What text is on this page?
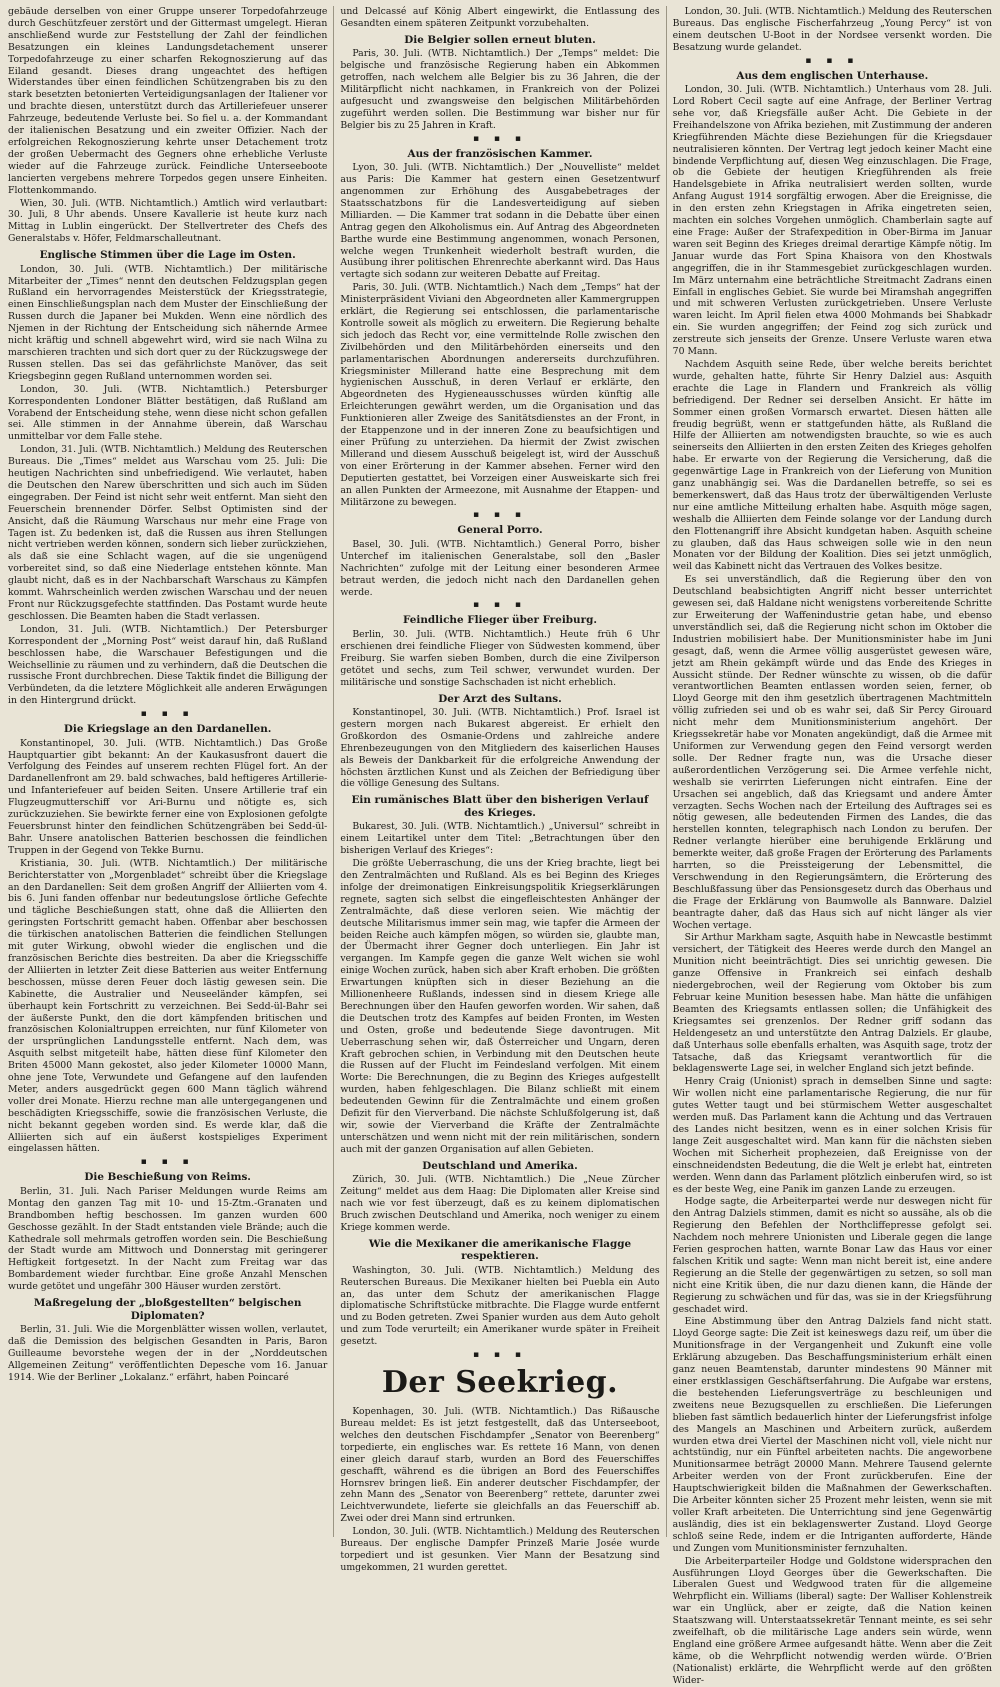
gebäude derselben von einer Gruppe unserer Torpedofahrzeuge durch Geschützfeuer zerstört und der Gittermast umgelegt. Hieran anschließend wurde zur Feststellung der Zahl der feindlichen Besatzungen ein kleines Landungsdetachement unserer Torpedofahrzeuge zu einer scharfen Rekognoszierung auf das Eiland gesandt. Dieses drang ungeachtet des heftigen Widerstandes über einen feindlichen Schützengraben bis zu den stark besetzten betonierten Verteidigungsanlagen der Italiener vor und brachte diesen, unterstützt durch das Artilleriefeuer unserer Fahrzeuge, bedeutende Verluste bei. So fiel u. a. der Kommandant der italienischen Besatzung und ein zweiter Offizier. Nach der erfolgreichen Rekognoszierung kehrte unser Detachement trotz der großen Uebermacht des Gegners ohne erhebliche Verluste wieder auf die Fahrzeuge zurück. Feindliche Unterseeboote lancierten vergebens mehrere Torpedos gegen unsere Einheiten. Flottenkommando.

Wien, 30. Juli. (WTB. Nichtamtlich.) Amtlich wird verlautbart: 30. Juli, 8 Uhr abends. Unsere Kavallerie ist heute kurz nach Mittag in Lublin eingerückt. Der Stellvertreter des Chefs des Generalstabs v. Höfer, Feldmarschalleutnant.

Englische Stimmen über die Lage im Osten.

London, 30. Juli. (WTB. Nichtamtlich.) Der militärische Mitarbeiter der „Times“ nennt den deutschen Feldzugsplan gegen Rußland ein hervorragendes Meisterstück der Kriegsstrategie, einen Einschließungsplan nach dem Muster der Einschließung der Russen durch die Japaner bei Mukden. Wenn eine nördlich des Njemen in der Richtung der Entscheidung sich nähernde Armee nicht kräftig und schnell abgewehrt wird, wird sie nach Wilna zu marschieren trachten und sich dort quer zu der Rückzugswege der Russen stellen. Das sei das gefährlichste Manöver, das seit Kriegsbeginn gegen Rußland unternommen worden sei.

London, 30. Juli. (WTB. Nichtamtlich.) Petersburger Korrespondenten Londoner Blätter bestätigen, daß Rußland am Vorabend der Entscheidung stehe, wenn diese nicht schon gefallen sei. Alle stimmen in der Annahme überein, daß Warschau unmittelbar vor dem Falle stehe.

London, 31. Juli. (WTB. Nichtamtlich.) Meldung des Reuterschen Bureaus. Die „Times“ meldet aus Warschau vom 25. Juli: Die heutigen Nachrichten sind unbefriedigend. Wie verlautet, haben die Deutschen den Narew überschritten und sich auch im Süden eingegraben. Der Feind ist nicht sehr weit entfernt. Man sieht den Feuerschein brennender Dörfer. Selbst Optimisten sind der Ansicht, daß die Räumung Warschaus nur mehr eine Frage von Tagen ist. Zu bedenken ist, daß die Russen aus ihren Stellungen nicht vertrieben werden können, sondern sich lieber zurückziehen, als daß sie eine Schlacht wagen, auf die sie ungenügend vorbereitet sind, so daß eine Niederlage entstehen könnte. Man glaubt nicht, daß es in der Nachbarschaft Warschaus zu Kämpfen kommt. Wahrscheinlich werden zwischen Warschau und der neuen Front nur Rückzugsgefechte stattfinden. Das Postamt wurde heute geschlossen. Die Beamten haben die Stadt verlassen.

London, 31. Juli. (WTB. Nichtamtlich.) Der Petersburger Korrespondent der „Morning Post“ weist darauf hin, daß Rußland beschlossen habe, die Warschauer Befestigungen und die Weichsellinie zu räumen und zu verhindern, daß die Deutschen die russische Front durchbrechen. Diese Taktik findet die Billigung der Verbündeten, da die letztere Möglichkeit alle anderen Erwägungen in den Hintergrund drückt.

▪ ▪ ▪
Die Kriegslage an den Dardanellen.

Konstantinopel, 30. Juli. (WTB. Nichtamtlich.) Das Große Hauptquartier gibt bekannt: An der Kaukasusfront dauert die Verfolgung des Feindes auf unserem rechten Flügel fort. An der Dardanellenfront am 29. bald schwaches, bald heftigeres Artillerie- und Infanteriefeuer auf beiden Seiten. Unsere Artillerie traf ein Flugzeugmutterschiff vor Ari-Burnu und nötigte es, sich zurückzuziehen. Sie bewirkte ferner eine von Explosionen gefolgte Feuersbrunst hinter den feindlichen Schützengräben bei Sedd-ül-Bahr. Unsere anatolischen Batterien beschossen die feindlichen Truppen in der Gegend von Tekke Burnu.

Kristiania, 30. Juli. (WTB. Nichtamtlich.) Der militärische Berichterstatter von „Morgenbladet“ schreibt über die Kriegslage an den Dardanellen: Seit dem großen Angriff der Alliierten vom 4. bis 6. Juni fanden offenbar nur bedeutungslose örtliche Gefechte und tägliche Beschießungen statt, ohne daß die Alliierten den geringsten Fortschritt gemacht haben. Offenbar aber beschossen die türkischen anatolischen Batterien die feindlichen Stellungen mit guter Wirkung, obwohl wieder die englischen und die französischen Berichte dies bestreiten. Da aber die Kriegsschiffe der Alliierten in letzter Zeit diese Batterien aus weiter Entfernung beschossen, müsse deren Feuer doch lästig gewesen sein. Die Kabinette, die Australier und Neuseeländer kämpfen, sei überhaupt kein Fortschritt zu verzeichnen. Bei Sedd-ül-Bahr sei der äußerste Punkt, den die dort kämpfenden britischen und französischen Kolonialtruppen erreichten, nur fünf Kilometer von der ursprünglichen Landungsstelle entfernt. Nach dem, was Asquith selbst mitgeteilt habe, hätten diese fünf Kilometer den Briten 45000 Mann gekostet, also jeder Kilometer 10000 Mann, ohne jene Tote, Verwundete und Gefangene auf den laufenden Meter, anders ausgedrückt gegen 600 Mann täglich während voller drei Monate. Hierzu rechne man alle untergegangenen und beschädigten Kriegsschiffe, sowie die französischen Verluste, die nicht bekannt gegeben worden sind. Es werde klar, daß die Alliierten sich auf ein äußerst kostspieliges Experiment eingelassen hätten.

▪ ▪ ▪
Die Beschießung von Reims.

Berlin, 31. Juli. Nach Pariser Meldungen wurde Reims am Montag den ganzen Tag mit 10- und 15-Ztm.-Granaten und Brandbomben heftig beschossen. Im ganzen wurden 600 Geschosse gezählt. In der Stadt entstanden viele Brände; auch die Kathedrale soll mehrmals getroffen worden sein. Die Beschießung der Stadt wurde am Mittwoch und Donnerstag mit geringerer Heftigkeit fortgesetzt. In der Nacht zum Freitag war das Bombardement wieder furchtbar. Eine große Anzahl Menschen wurde getötet und ungefähr 300 Häuser wurden zerstört.

Maßregelung der „bloßgestellten“ belgischen Diplomaten?

Berlin, 31. Juli. Wie die Morgenblätter wissen wollen, verlautet, daß die Demission des belgischen Gesandten in Paris, Baron Guilleaume bevorstehe wegen der in der „Norddeutschen Allgemeinen Zeitung“ veröffentlichten Depesche vom 16. Januar 1914. Wie der Berliner „Lokalanz.“ erfährt, haben Poincaré

und Delcassé auf König Albert eingewirkt, die Entlassung des Gesandten einem späteren Zeitpunkt vorzubehalten.

Die Belgier sollen erneut bluten.

Paris, 30. Juli. (WTB. Nichtamtlich.) Der „Temps“ meldet: Die belgische und französische Regierung haben ein Abkommen getroffen, nach welchem alle Belgier bis zu 36 Jahren, die der Militärpflicht nicht nachkamen, in Frankreich von der Polizei aufgesucht und zwangsweise den belgischen Militärbehörden zugeführt werden sollen. Die Bestimmung war bisher nur für Belgier bis zu 25 Jahren in Kraft.

▪ ▪ ▪
Aus der französischen Kammer.

Lyon, 30. Juli. (WTB. Nichtamtlich.) Der „Nouvelliste“ meldet aus Paris: Die Kammer hat gestern einen Gesetzentwurf angenommen zur Erhöhung des Ausgabebetrages der Staatsschatzbons für die Landesverteidigung auf sieben Milliarden. — Die Kammer trat sodann in die Debatte über einen Antrag gegen den Alkoholismus ein. Auf Antrag des Abgeordneten Barthe wurde eine Bestimmung angenommen, wonach Personen, welche wegen Trunkenheit wiederholt bestraft wurden, die Ausübung ihrer politischen Ehrenrechte aberkannt wird. Das Haus vertagte sich sodann zur weiteren Debatte auf Freitag.

Paris, 30. Juli. (WTB. Nichtamtlich.) Nach dem „Temps“ hat der Ministerpräsident Viviani den Abgeordneten aller Kammergruppen erklärt, die Regierung sei entschlossen, die parlamentarische Kontrolle soweit als möglich zu erweitern. Die Regierung behalte sich jedoch das Recht vor, eine vermittelnde Rolle zwischen den Zivilbehörden und den Militärbehörden einerseits und den parlamentarischen Abordnungen andererseits durchzuführen. Kriegsminister Millerand hatte eine Besprechung mit dem hygienischen Ausschuß, in deren Verlauf er erklärte, den Abgeordneten des Hygieneausschusses würden künftig alle Erleichterungen gewährt werden, um die Organisation und das Funktionieren aller Zweige des Sanitätsdienstes an der Front, in der Etappenzone und in der inneren Zone zu beaufsichtigen und einer Prüfung zu unterziehen. Da hiermit der Zwist zwischen Millerand und diesem Ausschuß beigelegt ist, wird der Ausschuß von einer Erörterung in der Kammer absehen. Ferner wird den Deputierten gestattet, bei Vorzeigen einer Ausweiskarte sich frei an allen Punkten der Armeezone, mit Ausnahme der Etappen- und Militärzone zu bewegen.

▪ ▪ ▪
General Porro.

Basel, 30. Juli. (WTB. Nichtamtlich.) General Porro, bisher Unterchef im italienischen Generalstabe, soll den „Basler Nachrichten“ zufolge mit der Leitung einer besonderen Armee betraut werden, die jedoch nicht nach den Dardanellen gehen werde.

▪ ▪ ▪
Feindliche Flieger über Freiburg.

Berlin, 30. Juli. (WTB. Nichtamtlich.) Heute früh 6 Uhr erschienen drei feindliche Flieger von Südwesten kommend, über Freiburg. Sie warfen sieben Bomben, durch die eine Zivilperson getötet und sechs, zum Teil schwer, verwundet wurden. Der militärische und sonstige Sachschaden ist nicht erheblich.

Der Arzt des Sultans.

Konstantinopel, 30. Juli. (WTB. Nichtamtlich.) Prof. Israel ist gestern morgen nach Bukarest abgereist. Er erhielt den Großkordon des Osmanie-Ordens und zahlreiche andere Ehrenbezeugungen von den Mitgliedern des kaiserlichen Hauses als Beweis der Dankbarkeit für die erfolgreiche Anwendung der höchsten ärztlichen Kunst und als Zeichen der Befriedigung über die völlige Genesung des Sultans.

Ein rumänisches Blatt über den bisherigen Verlauf des Krieges.

Bukarest, 30. Juli. (WTB. Nichtamtlich.) „Universul“ schreibt in einem Leitartikel unter dem Titel: „Betrachtungen über den bisherigen Verlauf des Krieges“:

Die größte Ueberraschung, die uns der Krieg brachte, liegt bei den Zentralmächten und Rußland. Als es bei Beginn des Krieges infolge der dreimonatigen Einkreisungspolitik Kriegserklärungen regnete, sagten sich selbst die eingefleischtesten Anhänger der Zentralmächte, daß diese verloren seien. Wie mächtig der deutsche Militarismus immer sein mag, wie tapfer die Armeen der beiden Reiche auch kämpfen mögen, so würden sie, glaubte man, der Übermacht ihrer Gegner doch unterliegen. Ein Jahr ist vergangen. Im Kampfe gegen die ganze Welt wichen sie wohl einige Wochen zurück, haben sich aber Kraft erhoben. Die größten Erwartungen knüpften sich in dieser Beziehung an die Millionenheere Rußlands, indessen sind in diesem Kriege alle Berechnungen über den Haufen geworfen worden. Wir sahen, daß die Deutschen trotz des Kampfes auf beiden Fronten, im Westen und Osten, große und bedeutende Siege davontrugen. Mit Ueberraschung sehen wir, daß Österreicher und Ungarn, deren Kraft gebrochen schien, in Verbindung mit den Deutschen heute die Russen auf der Flucht im Feindesland verfolgen. Mit einem Worte: Die Berechnungen, die zu Beginn des Krieges aufgestellt wurden, haben fehlgeschlagen. Die Bilanz schließt mit einem bedeutenden Gewinn für die Zentralmächte und einem großen Defizit für den Vierverband. Die nächste Schlußfolgerung ist, daß wir, sowie der Vierverband die Kräfte der Zentralmächte unterschätzen und wenn nicht mit der rein militärischen, sondern auch mit der ganzen Organisation auf allen Gebieten.

Deutschland und Amerika.

Zürich, 30. Juli. (WTB. Nichtamtlich.) Die „Neue Zürcher Zeitung“ meldet aus dem Haag: Die Diplomaten aller Kreise sind nach wie vor fest überzeugt, daß es zu keinem diplomatischen Bruch zwischen Deutschland und Amerika, noch weniger zu einem Kriege kommen werde.

Wie die Mexikaner die amerikanische Flagge respektieren.

Washington, 30. Juli. (WTB. Nichtamtlich.) Meldung des Reuterschen Bureaus. Die Mexikaner hielten bei Puebla ein Auto an, das unter dem Schutz der amerikanischen Flagge diplomatische Schriftstücke mitbrachte. Die Flagge wurde entfernt und zu Boden getreten. Zwei Spanier wurden aus dem Auto geholt und zum Tode verurteilt; ein Amerikaner wurde später in Freiheit gesetzt.

▪ ▪ ▪
Der Seekrieg.

Kopenhagen, 30. Juli. (WTB. Nichtamtlich.) Das Rißausche Bureau meldet: Es ist jetzt festgestellt, daß das Unterseeboot, welches den deutschen Fischdampfer „Senator von Beerenberg“ torpedierte, ein englisches war. Es rettete 16 Mann, von denen einer gleich darauf starb, wurden an Bord des Feuerschiffes geschafft, während es die übrigen an Bord des Feuerschiffes Hornsrev bringen ließ. Ein anderer deutscher Fischdampfer, der zehn Mann des „Senator von Beerenberg“ rettete, darunter zwei Leichtverwundete, lieferte sie gleichfalls an das Feuerschiff ab. Zwei oder drei Mann sind ertrunken.

London, 30. Juli. (WTB. Nichtamtlich.) Meldung des Reuterschen Bureaus. Der englische Dampfer Prinzeß Marie Josée wurde torpediert und ist gesunken. Vier Mann der Besatzung sind umgekommen, 21 wurden gerettet.

London, 30. Juli. (WTB. Nichtamtlich.) Meldung des Reuterschen Bureaus. Das englische Fischerfahrzeug „Young Percy“ ist von einem deutschen U-Boot in der Nordsee versenkt worden. Die Besatzung wurde gelandet.

▪ ▪ ▪
Aus dem englischen Unterhause.

London, 30. Juli. (WTB. Nichtamtlich.) Unterhaus vom 28. Juli. Lord Robert Cecil sagte auf eine Anfrage, der Berliner Vertrag sehe vor, daß Kriegsfälle außer Acht. Die Gebiete in der Freihandelszone von Afrika beziehen, mit Zustimmung der anderen Kriegführenden Mächte diese Beziehungen für die Kriegsdauer neutralisieren könnten. Der Vertrag legt jedoch keiner Macht eine bindende Verpflichtung auf, diesen Weg einzuschlagen. Die Frage, ob die Gebiete der heutigen Kriegführenden als freie Handelsgebiete in Afrika neutralisiert werden sollten, wurde Anfang August 1914 sorgfältig erwogen. Aber die Ereignisse, die in den ersten zehn Kriegstagen in Afrika eingetreten seien, machten ein solches Vorgehen unmöglich. Chamberlain sagte auf eine Frage: Außer der Strafexpedition in Ober-Birma im Januar waren seit Beginn des Krieges dreimal derartige Kämpfe nötig. Im Januar wurde das Fort Spina Khaisora von den Khostwals angegriffen, die in ihr Stammesgebiet zurückgeschlagen wurden. Im März unternahm eine beträchtliche Streitmacht Zadrans einen Einfall in englisches Gebiet. Sie wurde bei Miramshah angegriffen und mit schweren Verlusten zurückgetrieben. Unsere Verluste waren leicht. Im April fielen etwa 4000 Mohmands bei Shabkadr ein. Sie wurden angegriffen; der Feind zog sich zurück und zerstreute sich jenseits der Grenze. Unsere Verluste waren etwa 70 Mann.

Nachdem Asquith seine Rede, über welche bereits berichtet wurde, gehalten hatte, führte Sir Henry Dalziel aus: Asquith erachte die Lage in Flandern und Frankreich als völlig befriedigend. Der Redner sei derselben Ansicht. Er hätte im Sommer einen großen Vormarsch erwartet. Diesen hätten alle freudig begrüßt, wenn er stattgefunden hätte, als Rußland die Hilfe der Alliierten am notwendigsten brauchte, so wie es auch seinerseits den Alliierten in den ersten Zeiten des Krieges geholfen habe. Er erwarte von der Regierung die Versicherung, daß die gegenwärtige Lage in Frankreich von der Lieferung von Munition ganz unabhängig sei. Was die Dardanellen betreffe, so sei es bemerkenswert, daß das Haus trotz der überwältigenden Verluste nur eine amtliche Mitteilung erhalten habe. Asquith möge sagen, weshalb die Alliierten dem Feinde solange vor der Landung durch den Flottenangriff ihre Absicht kundgetan haben. Asquith scheine zu glauben, daß das Haus schweigen solle wie in den neun Monaten vor der Bildung der Koalition. Dies sei jetzt unmöglich, weil das Kabinett nicht das Vertrauen des Volkes besitze.

Es sei unverständlich, daß die Regierung über den von Deutschland beabsichtigten Angriff nicht besser unterrichtet gewesen sei, daß Haldane nicht wenigstens vorbereitende Schritte zur Erweiterung der Waffenindustrie getan habe, und ebenso unverständlich sei, daß die Regierung nicht schon im Oktober die Industrien mobilisiert habe. Der Munitionsminister habe im Juni gesagt, daß, wenn die Armee völlig ausgerüstet gewesen wäre, jetzt am Rhein gekämpft würde und das Ende des Krieges in Aussicht stünde. Der Redner wünschte zu wissen, ob die dafür verantwortlichen Beamten entlassen worden seien, ferner, ob Lloyd George mit den ihm gesetzlich übertragenen Machtmitteln völlig zufrieden sei und ob es wahr sei, daß Sir Percy Girouard nicht mehr dem Munitionsministerium angehört. Der Kriegssekretär habe vor Monaten angekündigt, daß die Armee mit Uniformen zur Verwendung gegen den Feind versorgt werden solle. Der Redner fragte nun, was die Ursache dieser außerordentlichen Verzögerung sei. Die Armee verfehle nicht, weshalb sie verirrten Lieferungen nicht eintrafen. Eine der Ursachen sei angeblich, daß das Kriegsamt und andere Ämter verzagten. Sechs Wochen nach der Erteilung des Auftrages sei es nötig gewesen, alle bedeutenden Firmen des Landes, die das herstellen konnten, telegraphisch nach London zu berufen. Der Redner verlangte hierüber eine beruhigende Erklärung und bemerkte weiter, daß große Fragen der Erörterung des Parlaments harrten, so die Preissteigerung der Lebensmittel, die Verschwendung in den Regierungsämtern, die Erörterung des Beschlußfassung über das Pensionsgesetz durch das Oberhaus und die Frage der Erklärung von Baumwolle als Bannware. Dalziel beantragte daher, daß das Haus sich auf nicht länger als vier Wochen vertage.

Sir Arthur Markham sagte, Asquith habe in Newcastle bestimmt versichert, der Tätigkeit des Heeres werde durch den Mangel an Munition nicht beeinträchtigt. Dies sei unrichtig gewesen. Die ganze Offensive in Frankreich sei einfach deshalb niedergebrochen, weil der Regierung vom Oktober bis zum Februar keine Munition besessen habe. Man hätte die unfähigen Beamten des Kriegsamts entlassen sollen; die Unfähigkeit des Kriegsamtes sei grenzenlos. Der Redner griff sodann das Heldengesetz an und unterstützte den Antrag Dalziels. Er glaube, daß Unterhaus solle ebenfalls erhalten, was Asquith sage, trotz der Tatsache, daß das Kriegsamt verantwortlich für die beklagenswerte Lage sei, in welcher England sich jetzt befinde.

Henry Craig (Unionist) sprach in demselben Sinne und sagte: Wir wollen nicht eine parlamentarische Regierung, die nur für gutes Wetter taugt und bei stürmischem Wetter ausgeschaltet werden muß. Das Parlament kann die Achtung und das Vertrauen des Landes nicht besitzen, wenn es in einer solchen Krisis für lange Zeit ausgeschaltet wird. Man kann für die nächsten sieben Wochen mit Sicherheit prophezeien, daß Ereignisse von der einschneidendsten Bedeutung, die die Welt je erlebt hat, eintreten werden. Wenn dann das Parlament plötzlich einberufen wird, so ist es der beste Weg, eine Panik im ganzen Lande zu erzeugen.

Hodge sagte, die Arbeiterpartei werde nur deswegen nicht für den Antrag Dalziels stimmen, damit es nicht so aussähe, als ob die Regierung den Befehlen der Northcliffepresse gefolgt sei. Nachdem noch mehrere Unionisten und Liberale gegen die lange Ferien gesprochen hatten, warnte Bonar Law das Haus vor einer falschen Kritik und sagte: Wenn man nicht bereit ist, eine andere Regierung an die Stelle der gegenwärtigen zu setzen, so soll man nicht eine Kritik üben, die nur dazu dienen kann, die Hände der Regierung zu schwächen und für das, was sie in der Kriegsführung geschadet wird.

Eine Abstimmung über den Antrag Dalziels fand nicht statt. Lloyd George sagte: Die Zeit ist keineswegs dazu reif, um über die Munitionsfrage in der Vergangenheit und Zukunft eine volle Erklärung abzugeben. Das Beschaffungsministerium erhält einen ganz neuen Beamtenstab, darunter mindestens 90 Männer mit einer erstklassigen Geschäftserfahrung. Die Aufgabe war erstens, die bestehenden Lieferungsverträge zu beschleunigen und zweitens neue Bezugsquellen zu erschließen. Die Lieferungen blieben fast sämtlich bedauerlich hinter der Lieferungsfrist infolge des Mangels an Maschinen und Arbeitern zurück, außerdem wurden etwa drei Viertel der Maschinen nicht voll, viele nicht nur achtstündig, nur ein Fünftel arbeiteten nachts. Die angeworbene Munitionsarmee beträgt 20000 Mann. Mehrere Tausend gelernte Arbeiter werden von der Front zurückberufen. Eine der Hauptschwierigkeit bilden die Maßnahmen der Gewerkschaften. Die Arbeiter könnten sicher 25 Prozent mehr leisten, wenn sie mit voller Kraft arbeiteten. Die Unterrichtung sind jene Gegenwärtig ausländig, dies ist ein beklagenswerter Zustand. Lloyd George schloß seine Rede, indem er die Intriganten aufforderte, Hände und Zungen vom Munitionsminister fernzuhalten.

Die Arbeiterparteiler Hodge und Goldstone widersprachen den Ausführungen Lloyd Georges über die Gewerkschaften. Die Liberalen Guest und Wedgwood traten für die allgemeine Wehrpflicht ein. Williams (liberal) sagte: Der Walliser Kohlenstreik war ein Unglück, aber er zeigte, daß die Nation keinen Staatszwang will. Unterstaatssekretär Tennant meinte, es sei sehr zweifelhaft, ob die militärische Lage anders sein würde, wenn England eine größere Armee aufgesandt hätte. Wenn aber die Zeit käme, ob die Wehrpflicht notwendig werden würde. O’Brien (Nationalist) erklärte, die Wehrpflicht werde auf den größten Wider-
